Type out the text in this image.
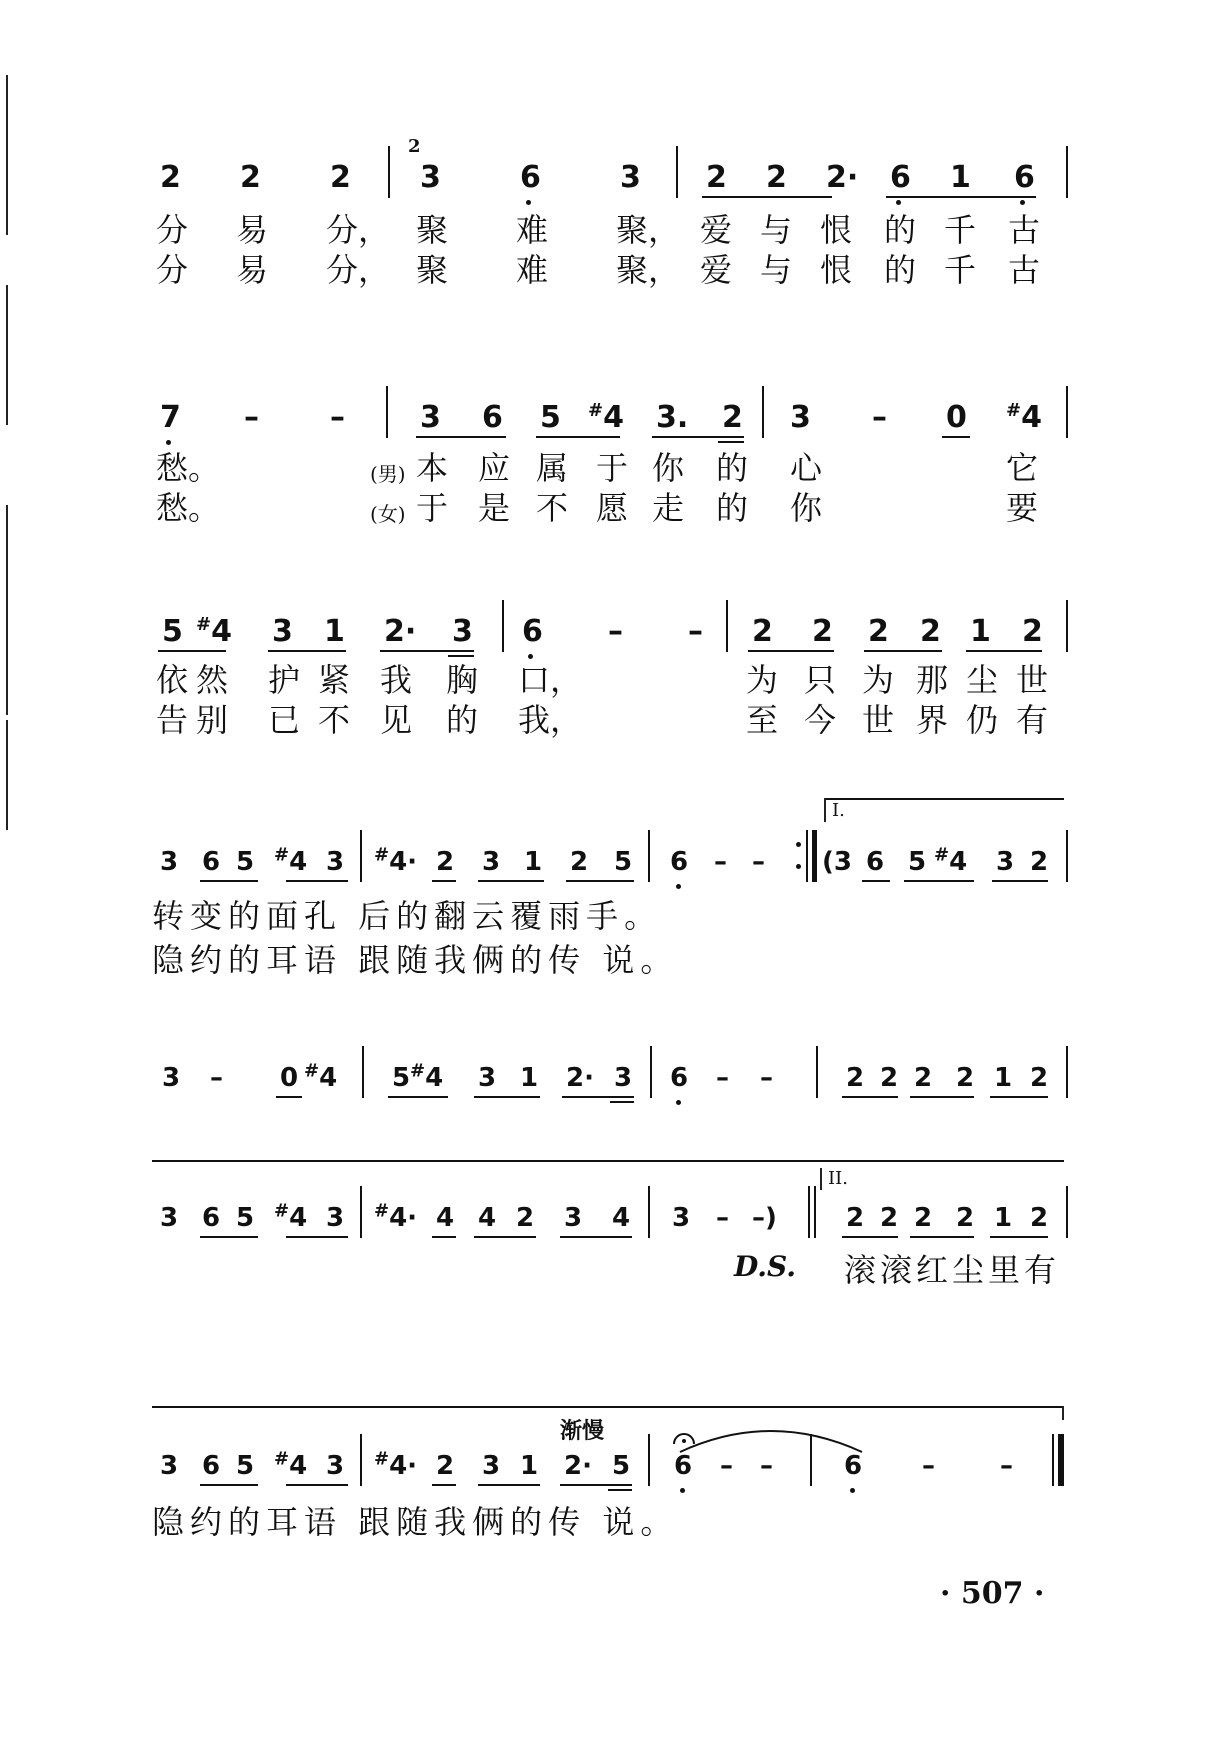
2 2 2
2
3	6	3 2 2 2· 6 1 6
分 易 分， 聚 难 聚， 爱 与 恨 的 千 古
分 易 分， 聚 难 聚， 爱 与 恨 的 千 古
7 – –	3 6 5 #4 3. 2 3 – 0 #4
愁。	(男) 本 应 属 于 你 的 心	它
愁。	(女) 于 是 不 愿 走 的 你	要
5 #4 3 1 2· 3 6 – – 2 2 2 2 1 2
依 然 护 紧 我 胸 口，	为 只 为 那 尘 世
告 别 已 不 见 的 我，	至 今 世 界 仍 有
I.
3 6 5 #4 3 #4· 2 3 1 2 5 6 – – (3 6 5 #4 3 2
转变的面孔 后的翻云覆雨手。
隐约的耳语 跟随我俩的传 说。
3 – 0 #4 5 #4 3 1 2· 3 6 – –	2 2 2 2 1 2
II.
3 6 5 #4 3 #4· 4 4 2 3 4 3 – –)	2 2 2 2 1 2
D.S. 滚滚红尘里有
渐慢
3 6 5 #4 3 #4· 2 3 1 2· 5 6 – –	6 –	–
隐约的耳语 跟随我俩的传 说。
· 507 ·
